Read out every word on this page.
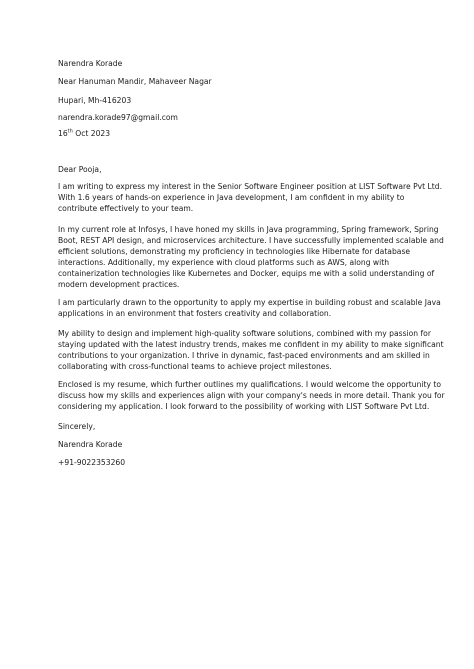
Narendra Korade
Near Hanuman Mandir, Mahaveer Nagar
Hupari, Mh-416203
narendra.korade97@gmail.com
16th Oct 2023
Dear Pooja,
I am writing to express my interest in the Senior Software Engineer position at LIST Software Pvt Ltd.
With 1.6 years of hands-on experience in Java development, I am confident in my ability to
contribute effectively to your team.
In my current role at Infosys, I have honed my skills in Java programming, Spring framework, Spring
Boot, REST API design, and microservices architecture. I have successfully implemented scalable and
efficient solutions, demonstrating my proficiency in technologies like Hibernate for database
interactions. Additionally, my experience with cloud platforms such as AWS, along with
containerization technologies like Kubernetes and Docker, equips me with a solid understanding of
modern development practices.
I am particularly drawn to the opportunity to apply my expertise in building robust and scalable Java
applications in an environment that fosters creativity and collaboration.
My ability to design and implement high-quality software solutions, combined with my passion for
staying updated with the latest industry trends, makes me confident in my ability to make significant
contributions to your organization. I thrive in dynamic, fast-paced environments and am skilled in
collaborating with cross-functional teams to achieve project milestones.
Enclosed is my resume, which further outlines my qualifications. I would welcome the opportunity to
discuss how my skills and experiences align with your company's needs in more detail. Thank you for
considering my application. I look forward to the possibility of working with LIST Software Pvt Ltd.
Sincerely,
Narendra Korade
+91-9022353260
